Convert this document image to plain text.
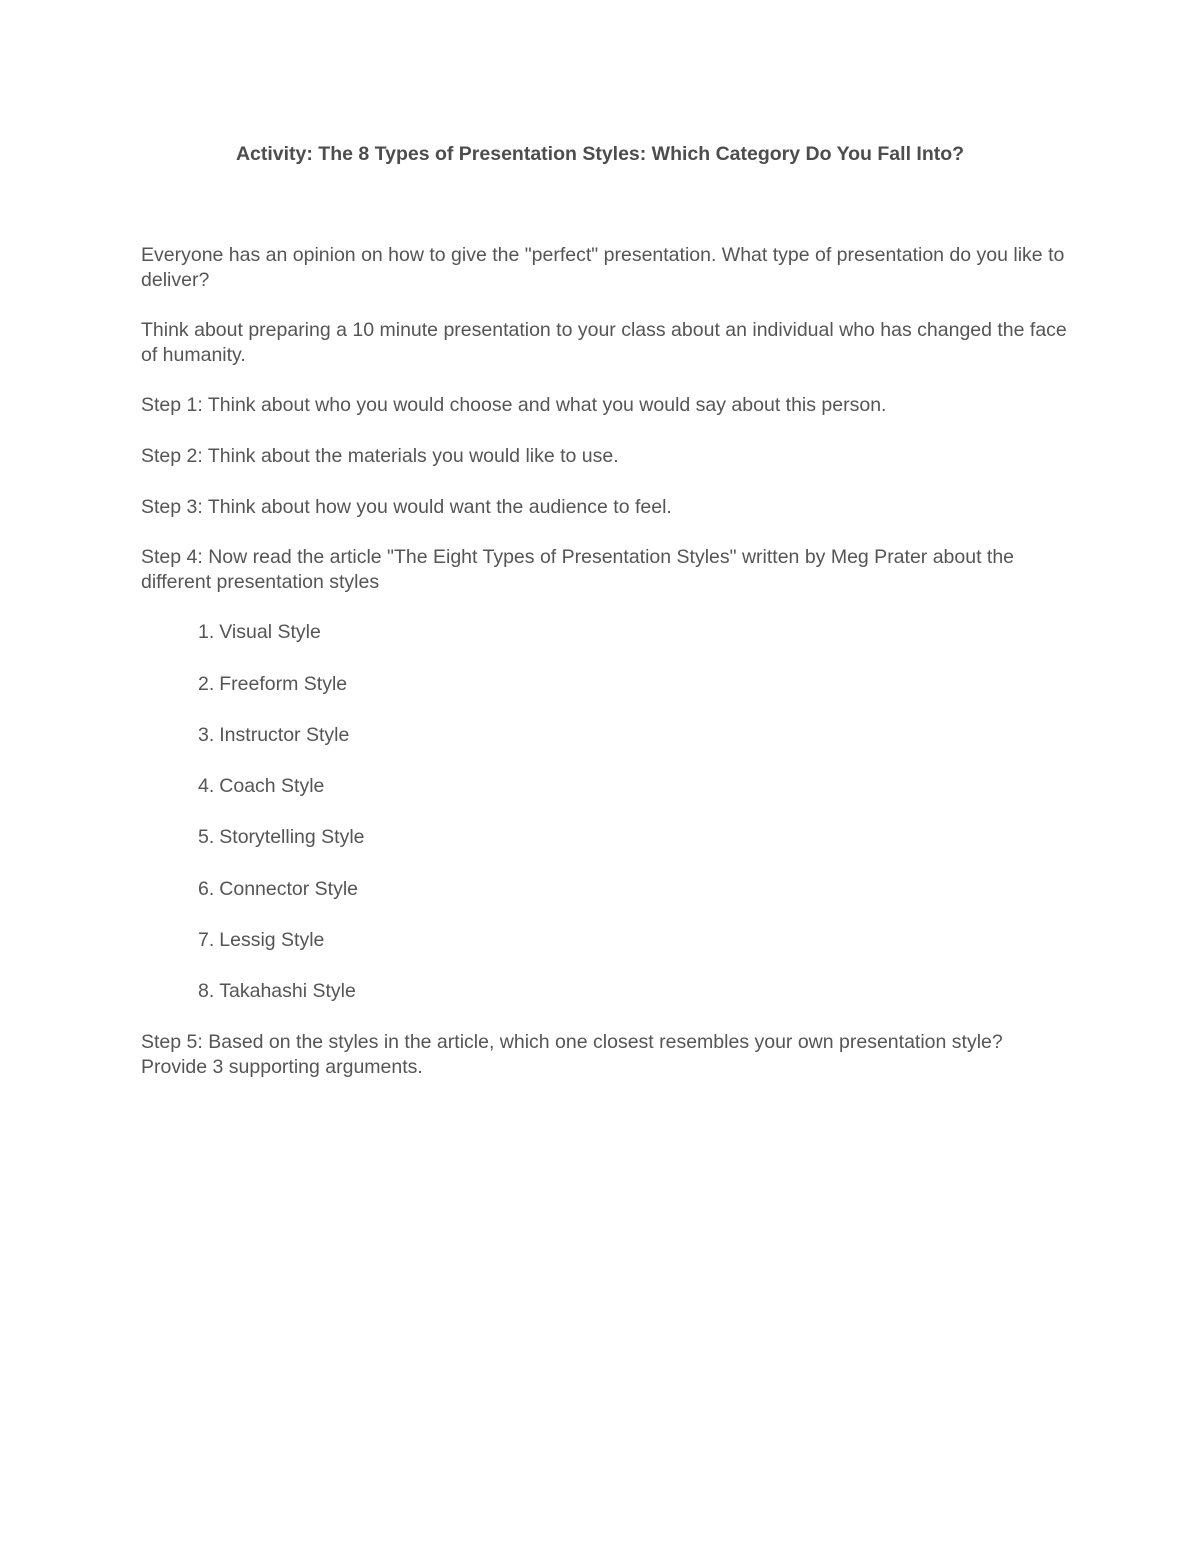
Activity: The 8 Types of Presentation Styles: Which Category Do You Fall Into?

Everyone has an opinion on how to give the "perfect" presentation. What type of presentation do you like to deliver?

Think about preparing a 10 minute presentation to your class about an individual who has changed the face of humanity.

Step 1: Think about who you would choose and what you would say about this person.

Step 2: Think about the materials you would like to use.

Step 3: Think about how you would want the audience to feel.

Step 4: Now read the article "The Eight Types of Presentation Styles" written by Meg Prater about the different presentation styles

1. Visual Style

2. Freeform Style

3. Instructor Style

4. Coach Style

5. Storytelling Style

6. Connector Style

7. Lessig Style

8. Takahashi Style

Step 5: Based on the styles in the article, which one closest resembles your own presentation style? Provide 3 supporting arguments.
